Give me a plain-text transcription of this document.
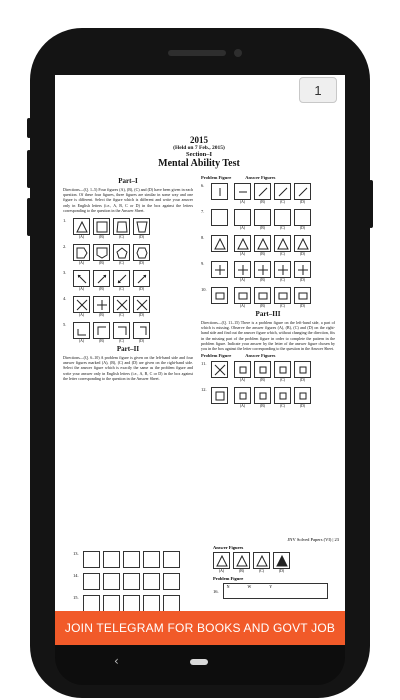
1
2015
(Held on 7 Feb., 2015)
Section–I
Mental Ability Test
Part–I
Directions—(Q. 1–5) Four figures (A), (B), (C) and (D) have been given in each question. Of these four figures, three figures are similar in some way and one figure is different. Select the figure which is different and write your answer only in English letters (i.e., A, B, C or D) in the box against the letters corresponding to the question in the Answer Sheet.
1.
(A)	(B)	(C)	(D)
2.
(A)	(B)	(C)	(D)
3.
(A)	(B)	(C)	(D)
4.
(A)	(B)	(C)	(D)
5.
(A)	(B)	(C)	(D)
Part–II
Directions—(Q. 6–10) A problem figure is given on the left-hand side and four answer figures marked (A), (B), (C) and (D) are given on the right-hand side. Select the answer figure which is exactly the same as the problem figure and write your answer only in English letters (i.e., A, B, C or D) in the box against the letter corresponding to the question in the Answer Sheet.
Problem Figure	Answer Figures
6.
(A)	(B)	(C)	(D)
7.
(A)	(B)	(C)	(D)
8.
(A)	(B)	(C)	(D)
9.
(A)	(B)	(C)	(D)
10.
(A)	(B)	(C)	(D)
Part–III
Directions—(Q. 11–15) There is a problem figure on the left-hand side, a part of which is missing. Observe the answer figures (A), (B), (C) and (D) on the right-hand side and find out the answer figure which, without changing the direction, fits in the missing part of the problem figure in order to complete the pattern in the problem figure. Indicate your answer by the letter of the answer figure chosen by you in the box against the letter corresponding to the question in the Answer Sheet.
Problem Figure	Answer Figures
11.
(A)	(B)	(C)	(D)
12.
(A)	(B)	(C)	(D)
JNV Solved Papers (VI) | 23
13.
14.
15.
Answer Figures
(A)	(B)	(C)	(D)
Problem Figure
16.
N	W	Y
JOIN TELEGRAM FOR BOOKS AND GOVT JOB
‹
